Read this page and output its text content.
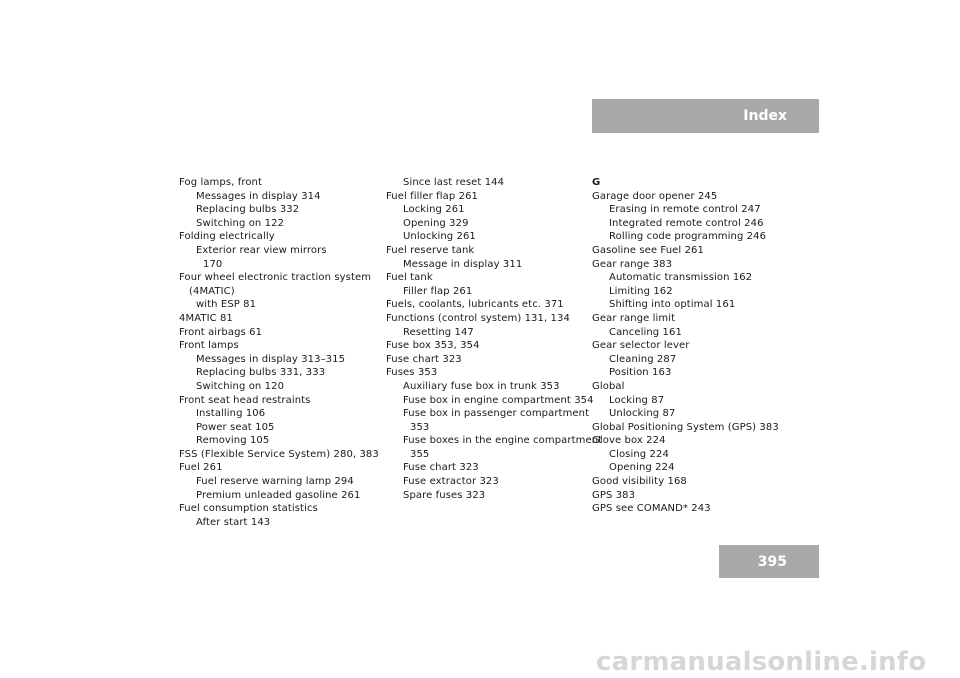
Index
Fog lamps, front
Messages in display 314
Replacing bulbs 332
Switching on 122
Folding electrically
Exterior rear view mirrors
170
Four wheel electronic traction system
(4MATIC)
with ESP 81
4MATIC 81
Front airbags 61
Front lamps
Messages in display 313–315
Replacing bulbs 331, 333
Switching on 120
Front seat head restraints
Installing 106
Power seat 105
Removing 105
FSS (Flexible Service System) 280, 383
Fuel 261
Fuel reserve warning lamp 294
Premium unleaded gasoline 261
Fuel consumption statistics
After start 143
Since last reset 144
Fuel filler flap 261
Locking 261
Opening 329
Unlocking 261
Fuel reserve tank
Message in display 311
Fuel tank
Filler flap 261
Fuels, coolants, lubricants etc. 371
Functions (control system) 131, 134
Resetting 147
Fuse box 353, 354
Fuse chart 323
Fuses 353
Auxiliary fuse box in trunk 353
Fuse box in engine compartment 354
Fuse box in passenger compartment
353
Fuse boxes in the engine compartment
355
Fuse chart 323
Fuse extractor 323
Spare fuses 323
G
Garage door opener 245
Erasing in remote control 247
Integrated remote control 246
Rolling code programming 246
Gasoline see Fuel 261
Gear range 383
Automatic transmission 162
Limiting 162
Shifting into optimal 161
Gear range limit
Canceling 161
Gear selector lever
Cleaning 287
Position 163
Global
Locking 87
Unlocking 87
Global Positioning System (GPS) 383
Glove box 224
Closing 224
Opening 224
Good visibility 168
GPS 383
GPS see COMAND* 243
395
carmanualsonline.info
